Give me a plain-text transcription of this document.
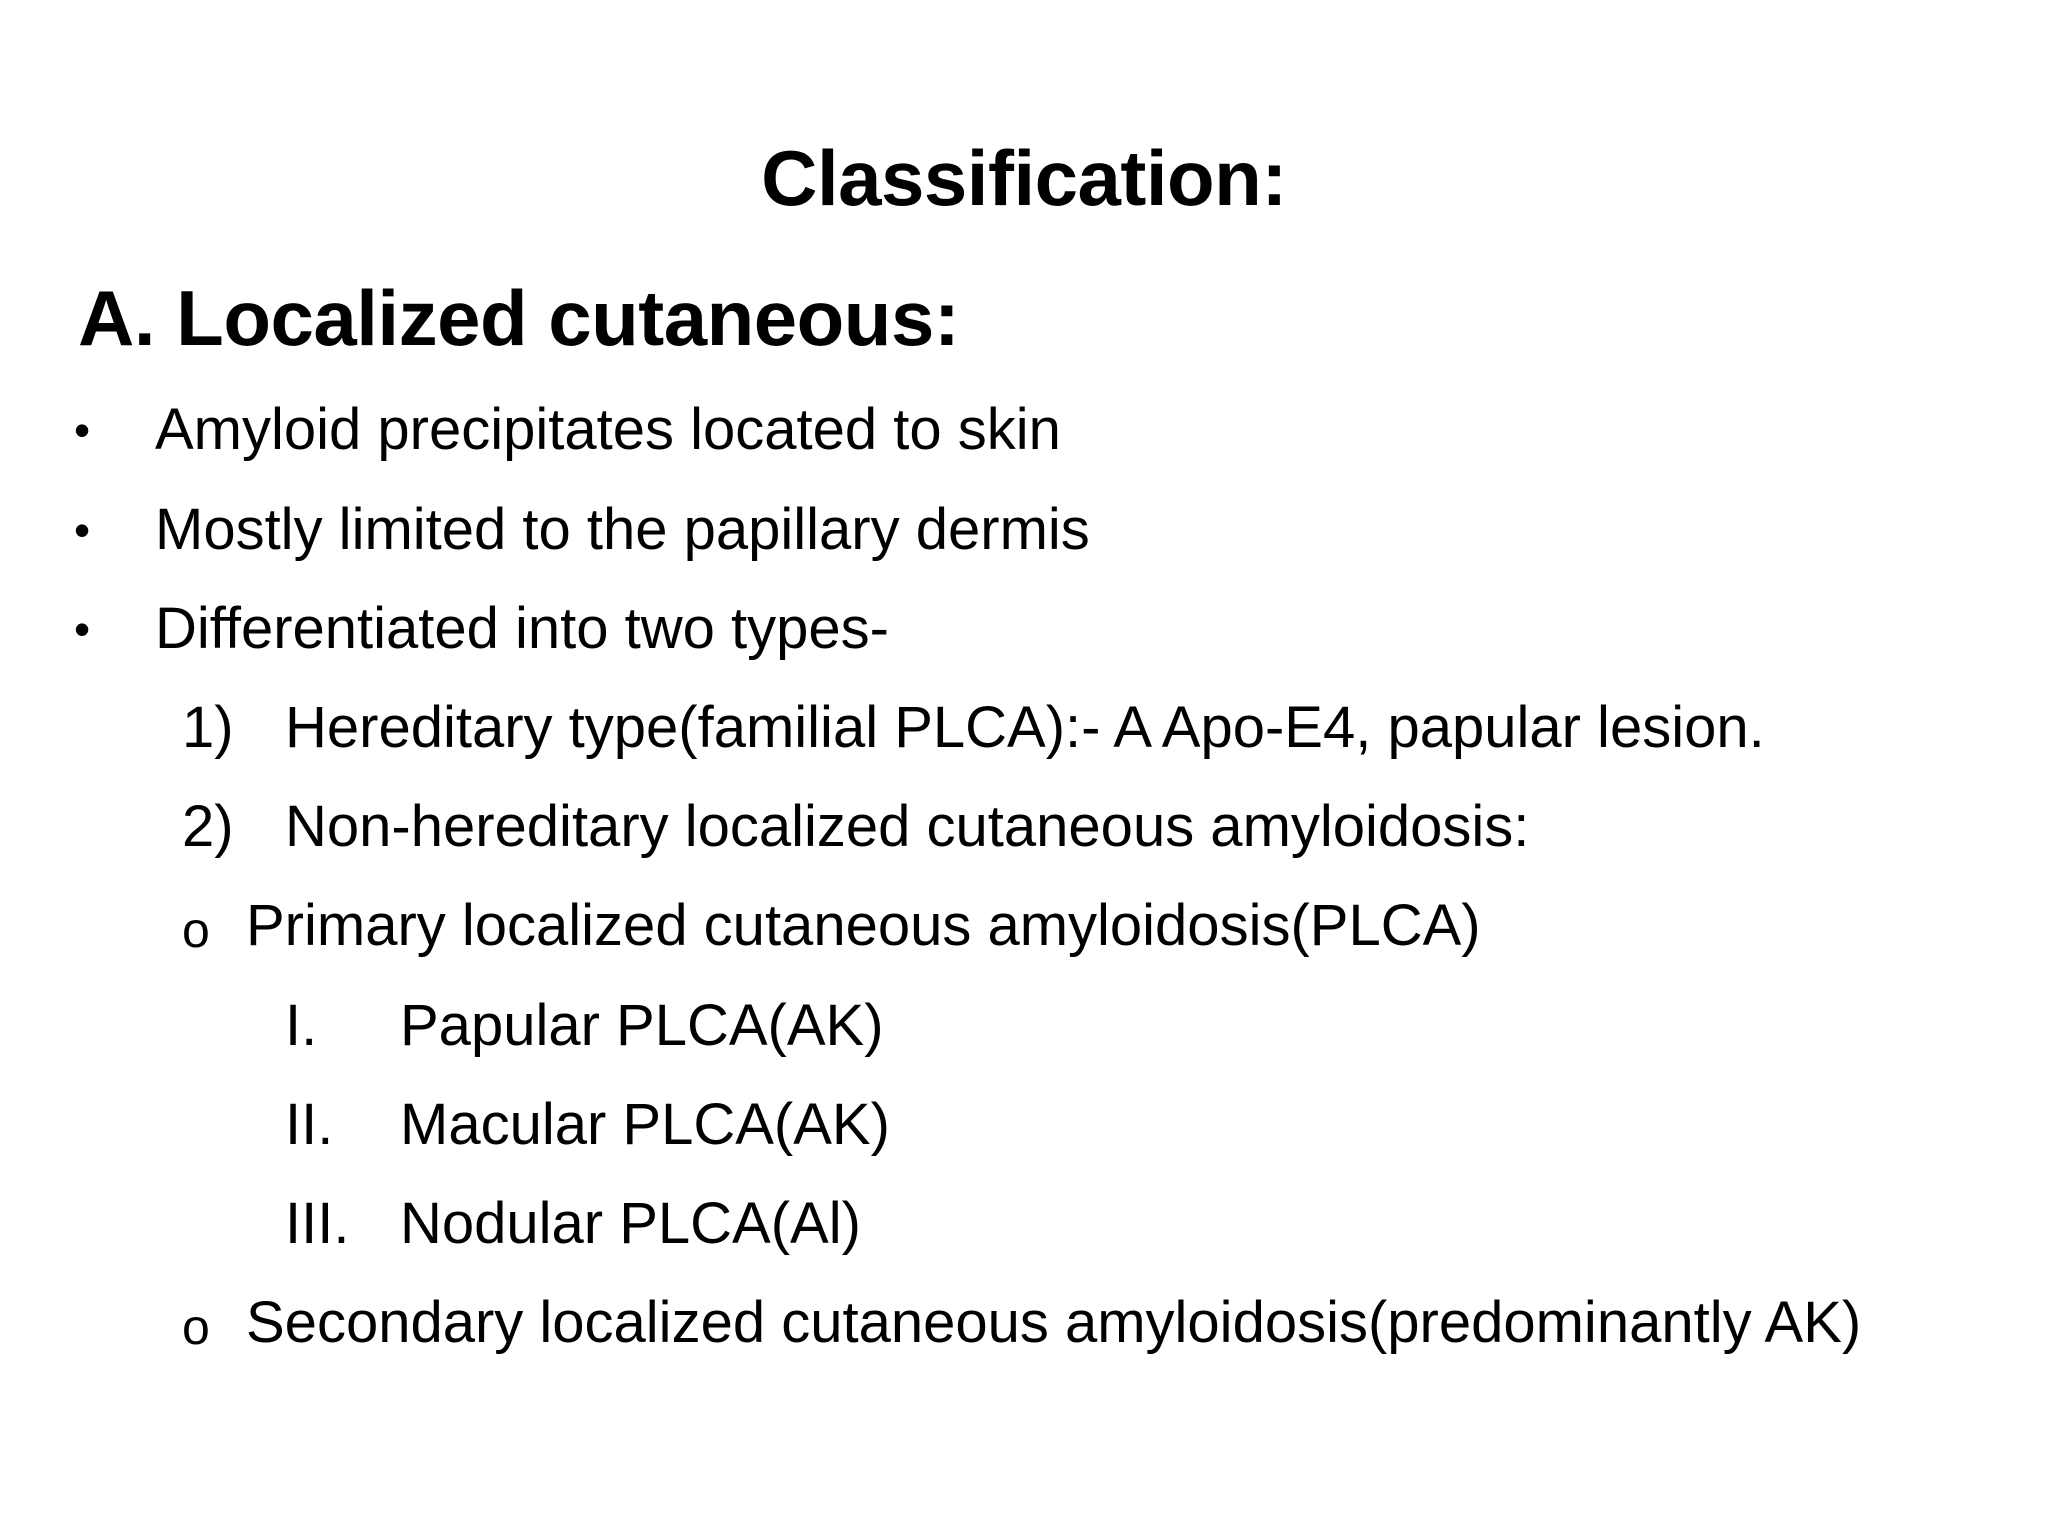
Classification:
A. Localized cutaneous:
• Amyloid precipitates located to skin
• Mostly limited to the papillary dermis
• Differentiated into two types-
1) Hereditary type(familial PLCA):- A Apo-E4, papular lesion.
2) Non-hereditary localized cutaneous amyloidosis:
o Primary localized cutaneous amyloidosis(PLCA)
I. Papular PLCA(AK)
II. Macular PLCA(AK)
III. Nodular PLCA(Al)
o Secondary localized cutaneous amyloidosis(predominantly AK)
